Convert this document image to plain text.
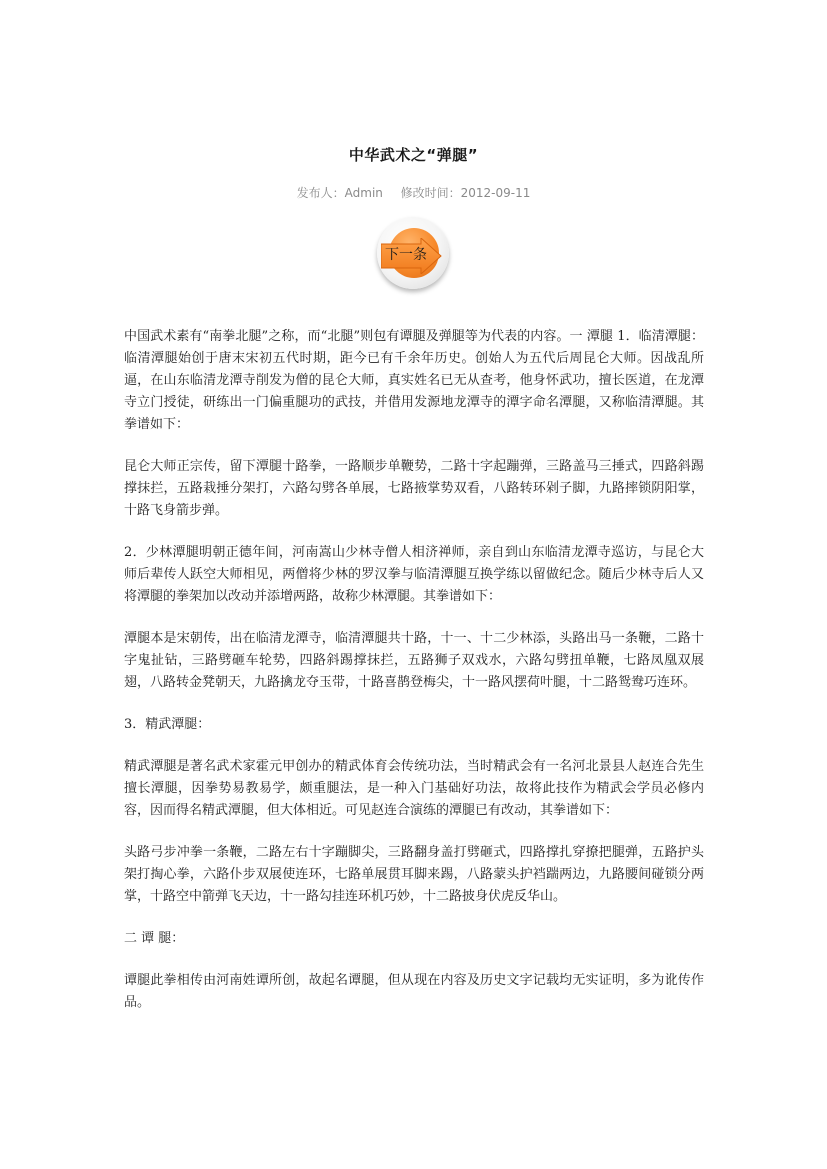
中华武术之“弹腿”
发布人：Admin 修改时间：2012-09-11
下一条

中国武术素有“南拳北腿”之称，而“北腿”则包有谭腿及弹腿等为代表的内容。一 潭腿 1．临清潭腿：临清潭腿始创于唐末宋初五代时期，距今已有千余年历史。创始人为五代后周昆仑大师。因战乱所逼，在山东临清龙潭寺削发为僧的昆仑大师，真实姓名已无从查考，他身怀武功，擅长医道，在龙潭寺立门授徒，研练出一门偏重腿功的武技，并借用发源地龙潭寺的潭字命名潭腿，又称临清潭腿。其拳谱如下：

昆仑大师正宗传，留下潭腿十路拳，一路顺步单鞭势，二路十字起蹦弹，三路盖马三捶式，四路斜踢撑抹拦，五路栽捶分架打，六路勾劈各单展，七路掖掌势双看，八路转环剁子脚，九路摔锁阴阳掌，十路飞身箭步弹。

2．少林潭腿明朝正德年间，河南嵩山少林寺僧人相济禅师，亲自到山东临清龙潭寺巡访，与昆仑大师后辈传人跃空大师相见，两僧将少林的罗汉拳与临清潭腿互换学练以留做纪念。随后少林寺后人又将潭腿的拳架加以改动并添增两路，故称少林潭腿。其拳谱如下：

潭腿本是宋朝传，出在临清龙潭寺，临清潭腿共十路，十一、十二少林添，头路出马一条鞭，二路十字鬼扯钻，三路劈砸车轮势，四路斜踢撑抹拦，五路狮子双戏水，六路勾劈扭单鞭，七路凤凰双展翅，八路转金凳朝天，九路擒龙夺玉带，十路喜鹊登梅尖，十一路风摆荷叶腿，十二路鸳鸯巧连环。

3．精武潭腿：

精武潭腿是著名武术家霍元甲创办的精武体育会传统功法，当时精武会有一名河北景县人赵连合先生擅长潭腿，因拳势易教易学，颇重腿法，是一种入门基础好功法，故将此技作为精武会学员必修内容，因而得名精武潭腿，但大体相近。可见赵连合演练的潭腿已有改动，其拳谱如下：

头路弓步冲拳一条鞭，二路左右十字蹦脚尖，三路翻身盖打劈砸式，四路撑扎穿撩把腿弹，五路护头架打掏心拳，六路仆步双展使连环，七路单展贯耳脚来踢，八路蒙头护裆踹两边，九路腰间碰锁分两掌，十路空中箭弹飞天边，十一路勾挂连环机巧妙，十二路披身伏虎反华山。

二 谭 腿：

谭腿此拳相传由河南姓谭所创，故起名谭腿，但从现在内容及历史文字记载均无实证明，多为讹传作品。
